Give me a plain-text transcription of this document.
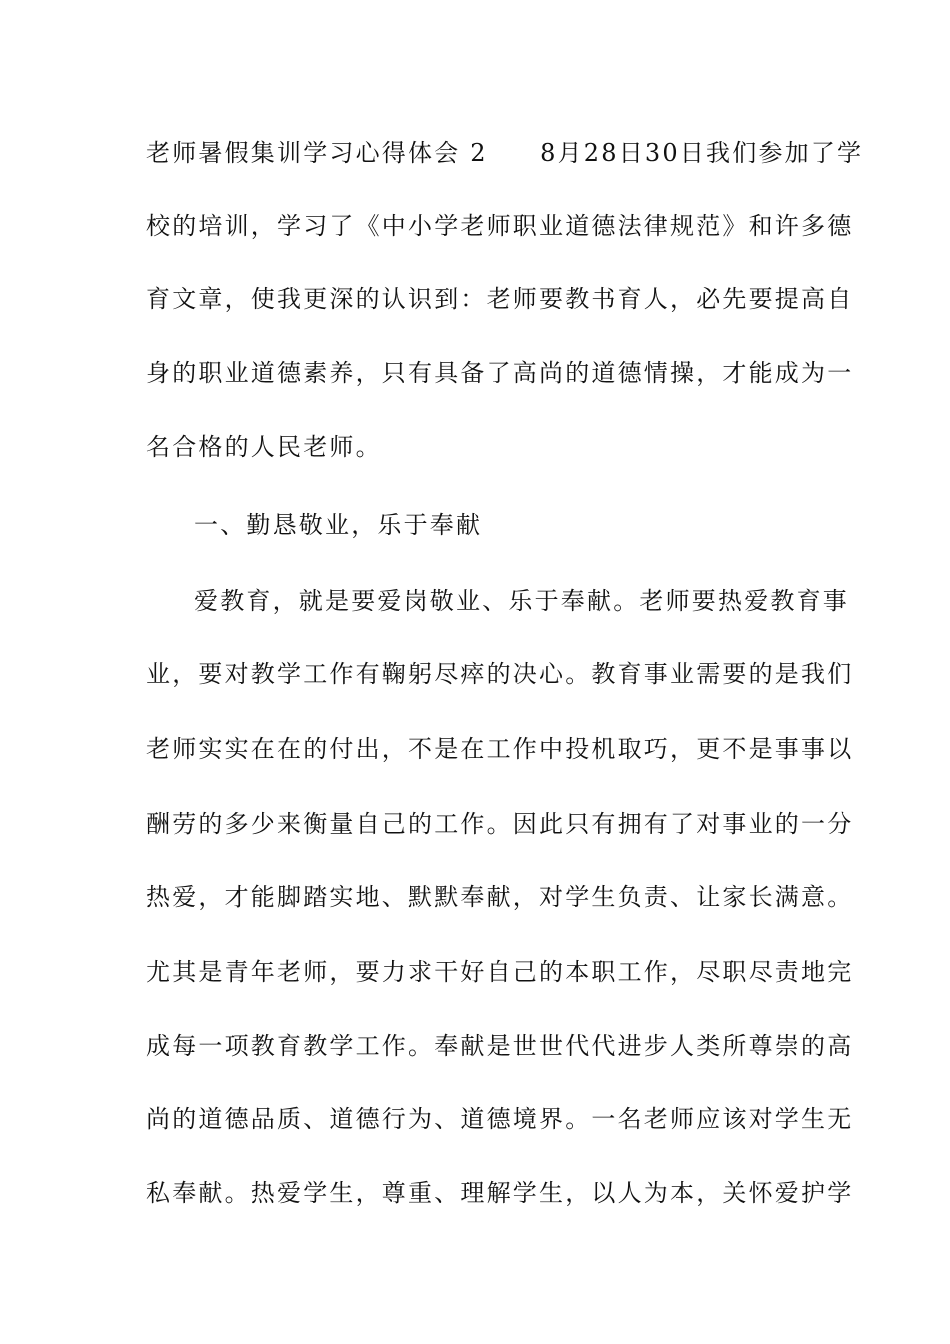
老师暑假集训学习心得体会 2　　8月28日30日我们参加了学
校的培训，学习了《中小学老师职业道德法律规范》和许多德
育文章，使我更深的认识到：老师要教书育人，必先要提高自
身的职业道德素养，只有具备了高尚的道德情操，才能成为一
名合格的人民老师。
一、勤恳敬业，乐于奉献
爱教育，就是要爱岗敬业、乐于奉献。老师要热爱教育事
业，要对教学工作有鞠躬尽瘁的决心。教育事业需要的是我们
老师实实在在的付出，不是在工作中投机取巧，更不是事事以
酬劳的多少来衡量自己的工作。因此只有拥有了对事业的一分
热爱，才能脚踏实地、默默奉献，对学生负责、让家长满意。
尤其是青年老师，要力求干好自己的本职工作，尽职尽责地完
成每一项教育教学工作。奉献是世世代代进步人类所尊崇的高
尚的道德品质、道德行为、道德境界。一名老师应该对学生无
私奉献。热爱学生，尊重、理解学生，以人为本，关怀爱护学
